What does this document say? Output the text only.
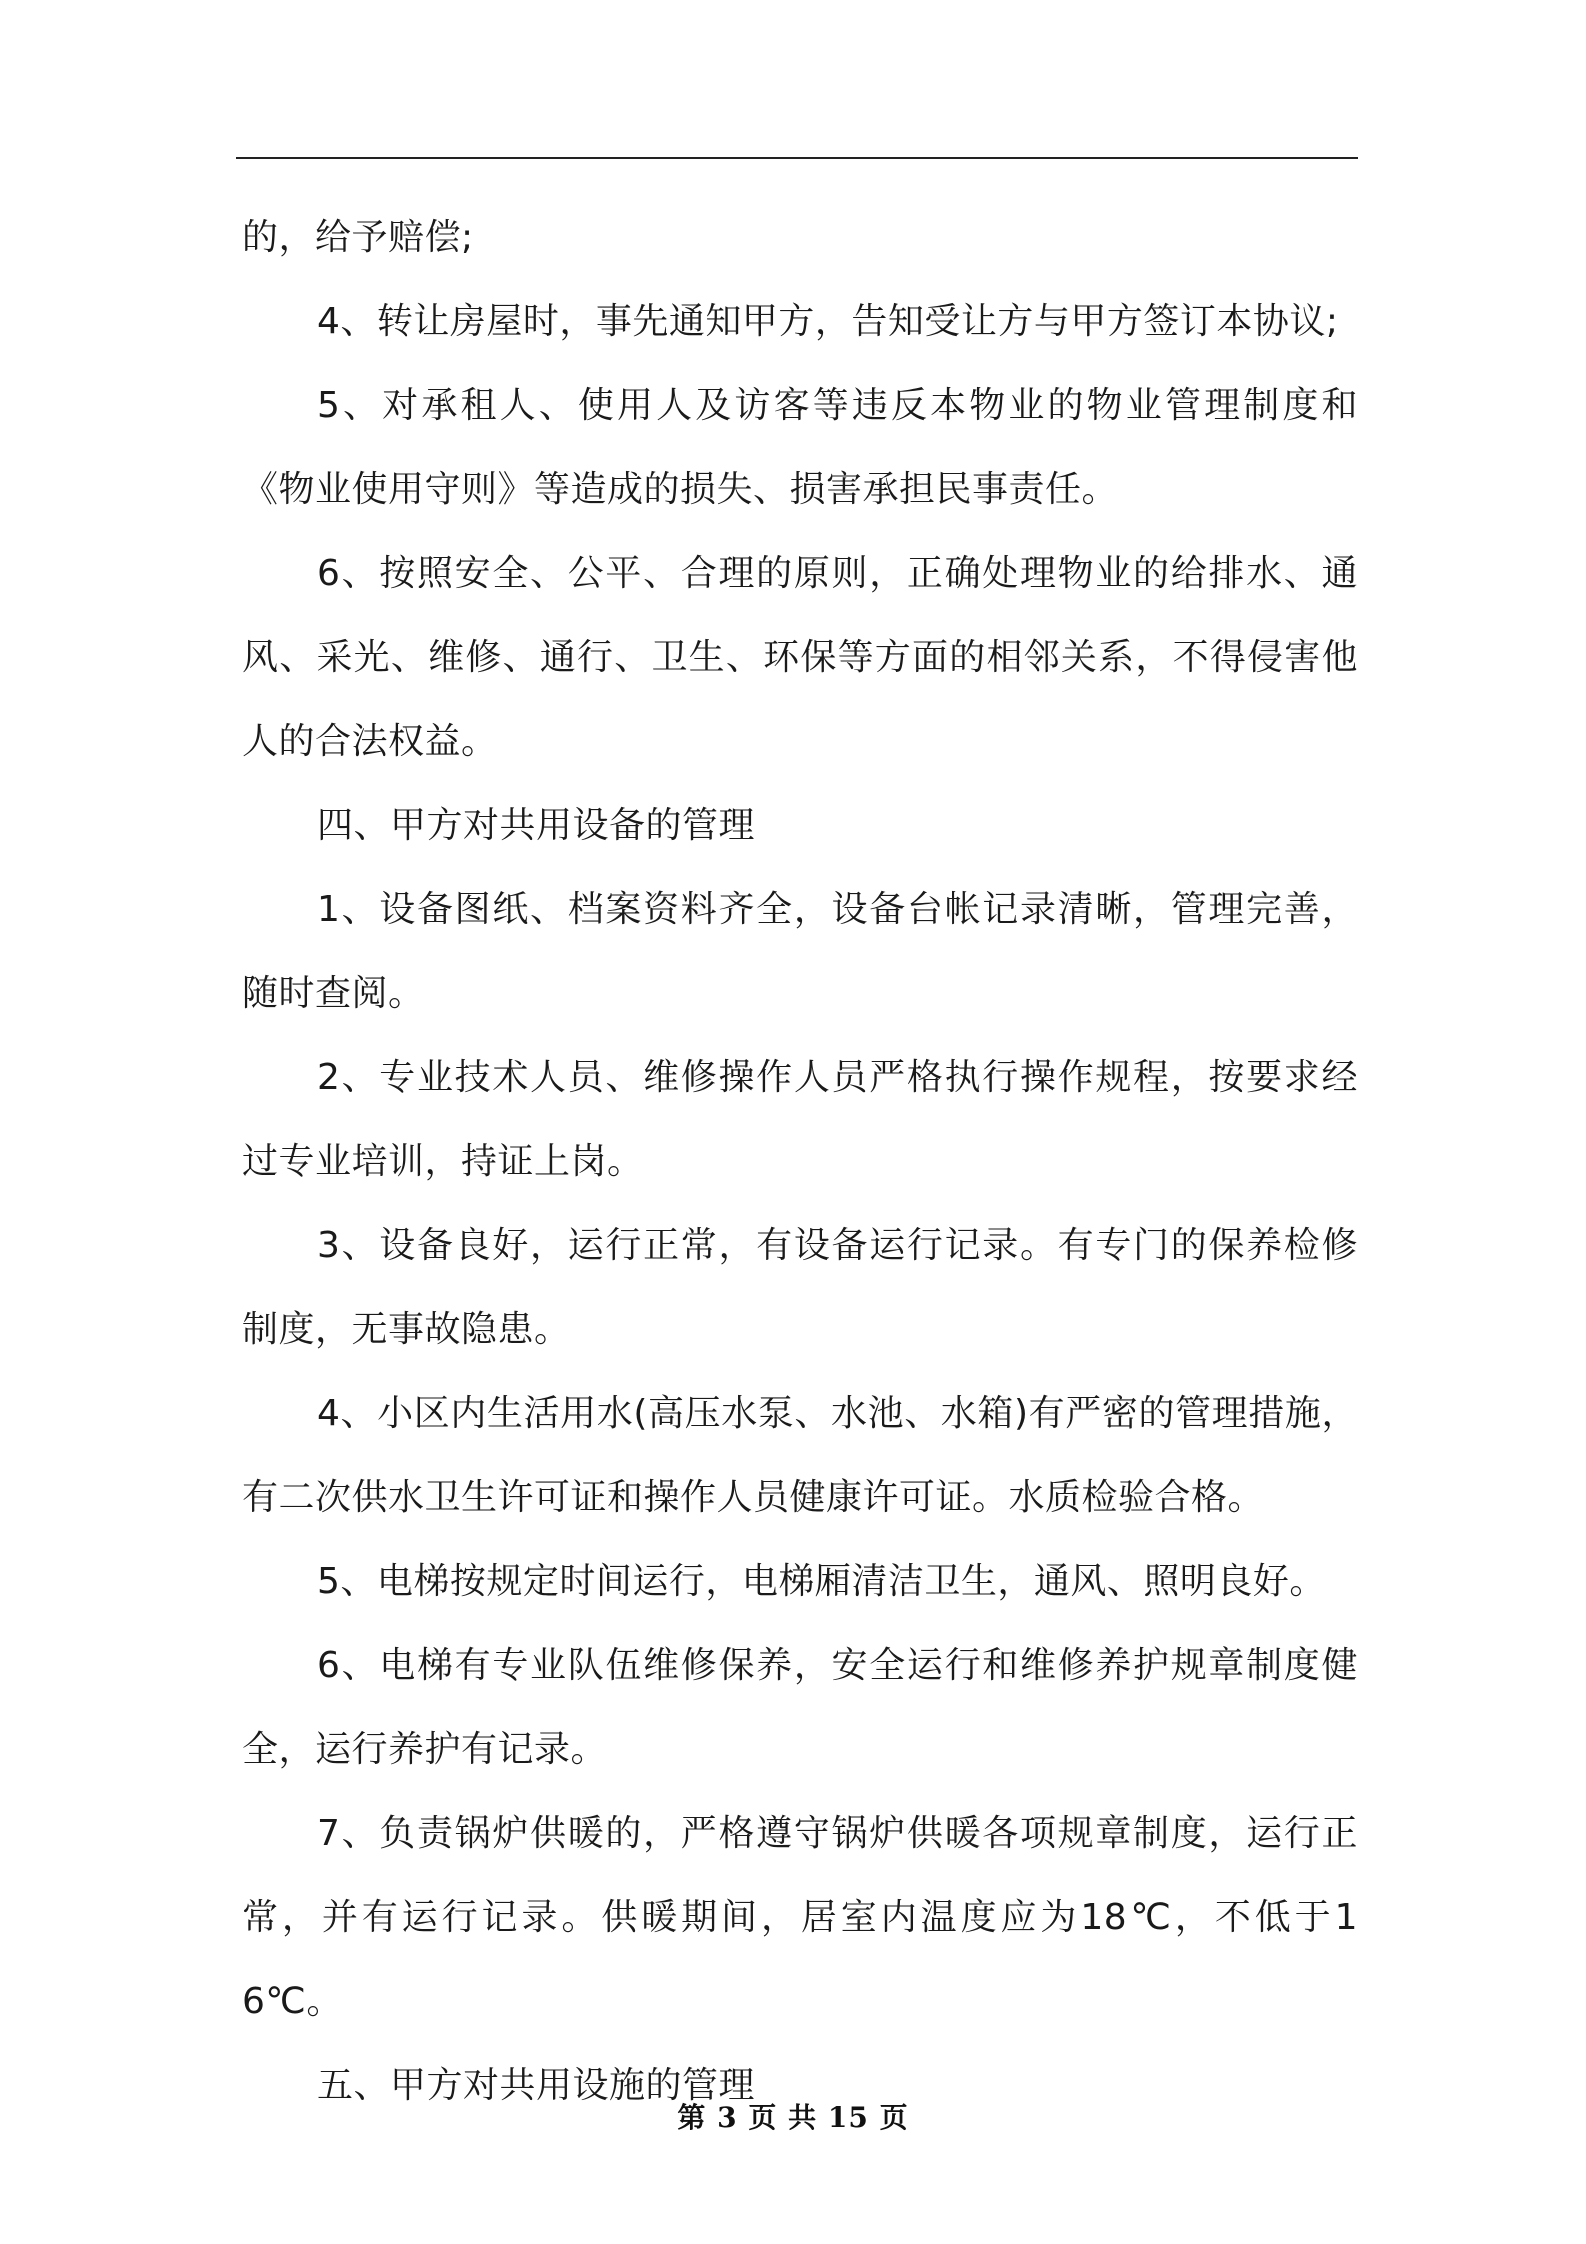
的，给予赔偿;

4、转让房屋时，事先通知甲方，告知受让方与甲方签订本协议;

5、对承租人、使用人及访客等违反本物业的物业管理制度和《物业使用守则》等造成的损失、损害承担民事责任。

6、按照安全、公平、合理的原则，正确处理物业的给排水、通风、采光、维修、通行、卫生、环保等方面的相邻关系，不得侵害他人的合法权益。

四、甲方对共用设备的管理

1、设备图纸、档案资料齐全，设备台帐记录清晰，管理完善，随时查阅。

2、专业技术人员、维修操作人员严格执行操作规程，按要求经过专业培训，持证上岗。

3、设备良好，运行正常，有设备运行记录。有专门的保养检修制度，无事故隐患。

4、小区内生活用水(高压水泵、水池、水箱)有严密的管理措施，有二次供水卫生许可证和操作人员健康许可证。水质检验合格。

5、电梯按规定时间运行，电梯厢清洁卫生，通风、照明良好。

6、电梯有专业队伍维修保养，安全运行和维修养护规章制度健全，运行养护有记录。

7、负责锅炉供暖的，严格遵守锅炉供暖各项规章制度，运行正常，并有运行记录。供暖期间，居室内温度应为18℃，不低于16℃。

五、甲方对共用设施的管理

第 3 页 共 15 页
